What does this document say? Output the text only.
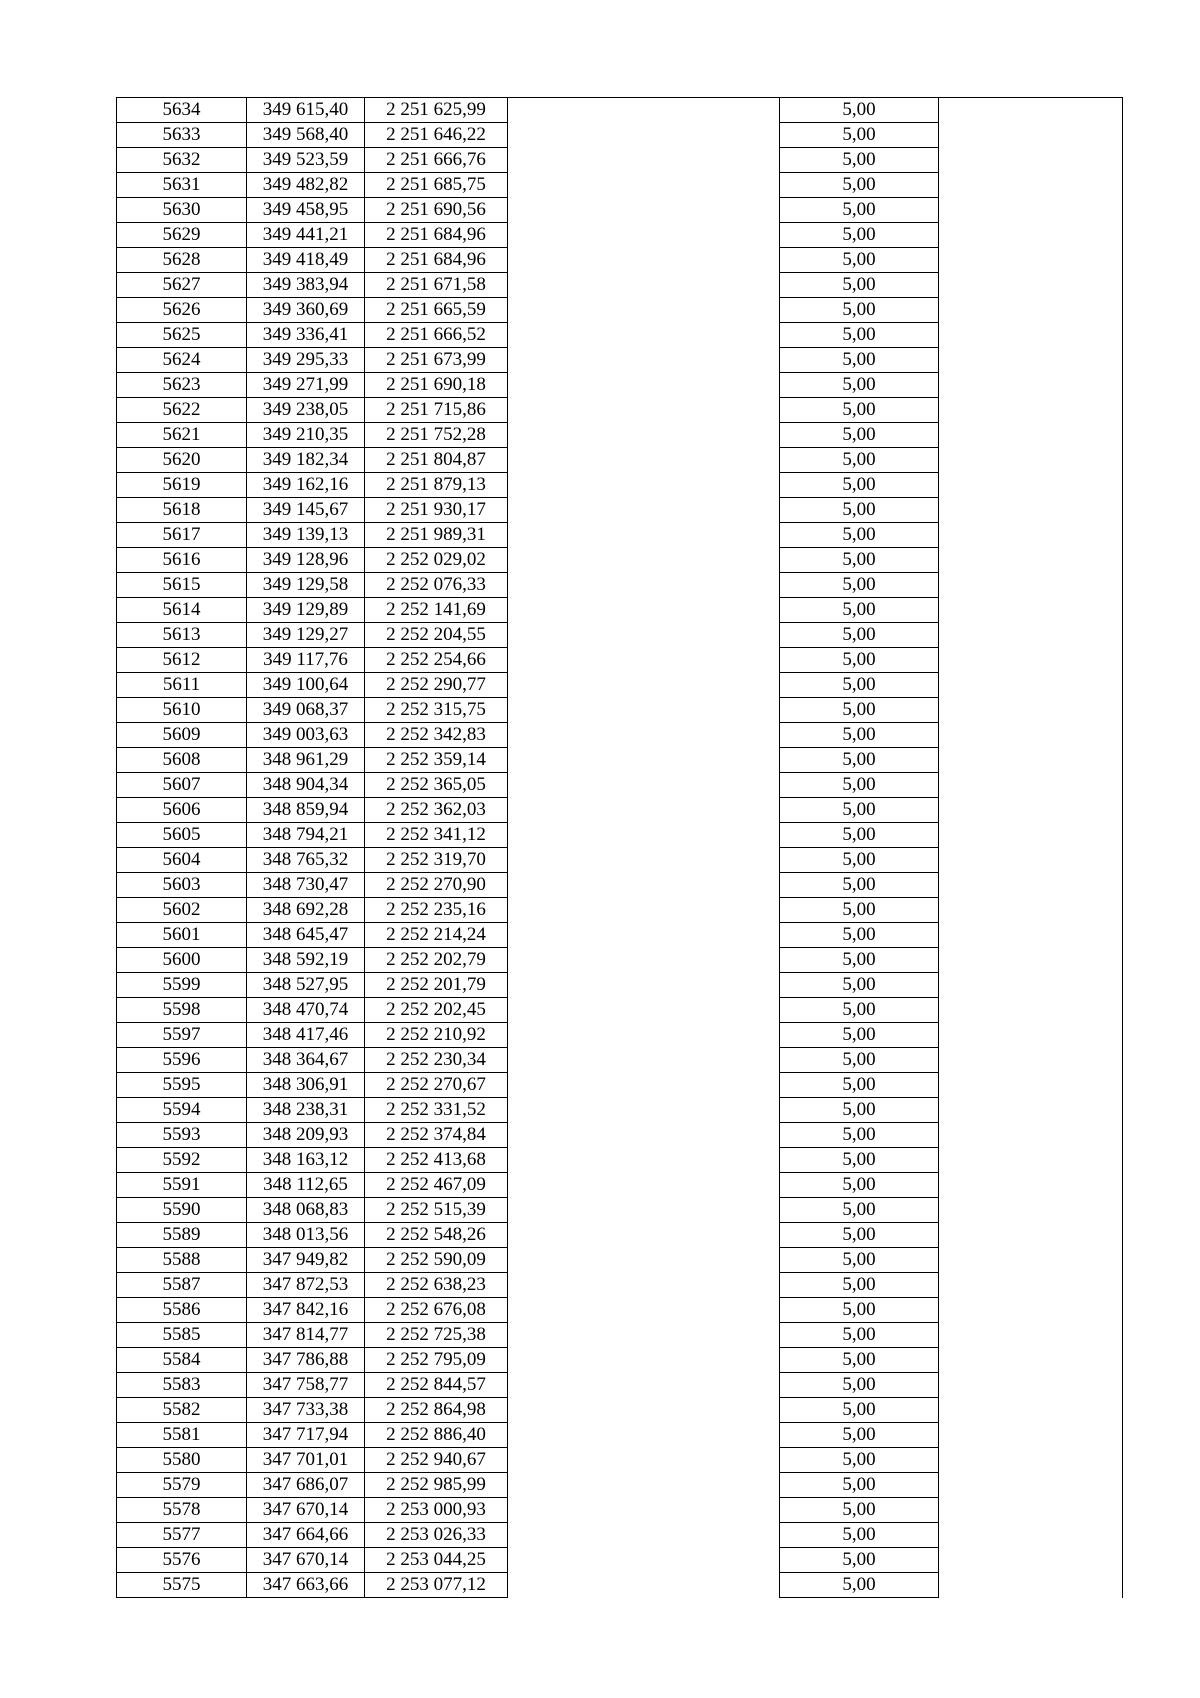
5634	349 615,40	2 251 625,99		5,00	
5633	349 568,40	2 251 646,22		5,00	
5632	349 523,59	2 251 666,76		5,00	
5631	349 482,82	2 251 685,75		5,00	
5630	349 458,95	2 251 690,56		5,00	
5629	349 441,21	2 251 684,96		5,00	
5628	349 418,49	2 251 684,96		5,00	
5627	349 383,94	2 251 671,58		5,00	
5626	349 360,69	2 251 665,59		5,00	
5625	349 336,41	2 251 666,52		5,00	
5624	349 295,33	2 251 673,99		5,00	
5623	349 271,99	2 251 690,18		5,00	
5622	349 238,05	2 251 715,86		5,00	
5621	349 210,35	2 251 752,28		5,00	
5620	349 182,34	2 251 804,87		5,00	
5619	349 162,16	2 251 879,13		5,00	
5618	349 145,67	2 251 930,17		5,00	
5617	349 139,13	2 251 989,31		5,00	
5616	349 128,96	2 252 029,02		5,00	
5615	349 129,58	2 252 076,33		5,00	
5614	349 129,89	2 252 141,69		5,00	
5613	349 129,27	2 252 204,55		5,00	
5612	349 117,76	2 252 254,66		5,00	
5611	349 100,64	2 252 290,77		5,00	
5610	349 068,37	2 252 315,75		5,00	
5609	349 003,63	2 252 342,83		5,00	
5608	348 961,29	2 252 359,14		5,00	
5607	348 904,34	2 252 365,05		5,00	
5606	348 859,94	2 252 362,03		5,00	
5605	348 794,21	2 252 341,12		5,00	
5604	348 765,32	2 252 319,70		5,00	
5603	348 730,47	2 252 270,90		5,00	
5602	348 692,28	2 252 235,16		5,00	
5601	348 645,47	2 252 214,24		5,00	
5600	348 592,19	2 252 202,79		5,00	
5599	348 527,95	2 252 201,79		5,00	
5598	348 470,74	2 252 202,45		5,00	
5597	348 417,46	2 252 210,92		5,00	
5596	348 364,67	2 252 230,34		5,00	
5595	348 306,91	2 252 270,67		5,00	
5594	348 238,31	2 252 331,52		5,00	
5593	348 209,93	2 252 374,84		5,00	
5592	348 163,12	2 252 413,68		5,00	
5591	348 112,65	2 252 467,09		5,00	
5590	348 068,83	2 252 515,39		5,00	
5589	348 013,56	2 252 548,26		5,00	
5588	347 949,82	2 252 590,09		5,00	
5587	347 872,53	2 252 638,23		5,00	
5586	347 842,16	2 252 676,08		5,00	
5585	347 814,77	2 252 725,38		5,00	
5584	347 786,88	2 252 795,09		5,00	
5583	347 758,77	2 252 844,57		5,00	
5582	347 733,38	2 252 864,98		5,00	
5581	347 717,94	2 252 886,40		5,00	
5580	347 701,01	2 252 940,67		5,00	
5579	347 686,07	2 252 985,99		5,00	
5578	347 670,14	2 253 000,93		5,00	
5577	347 664,66	2 253 026,33		5,00	
5576	347 670,14	2 253 044,25		5,00	
5575	347 663,66	2 253 077,12		5,00	
